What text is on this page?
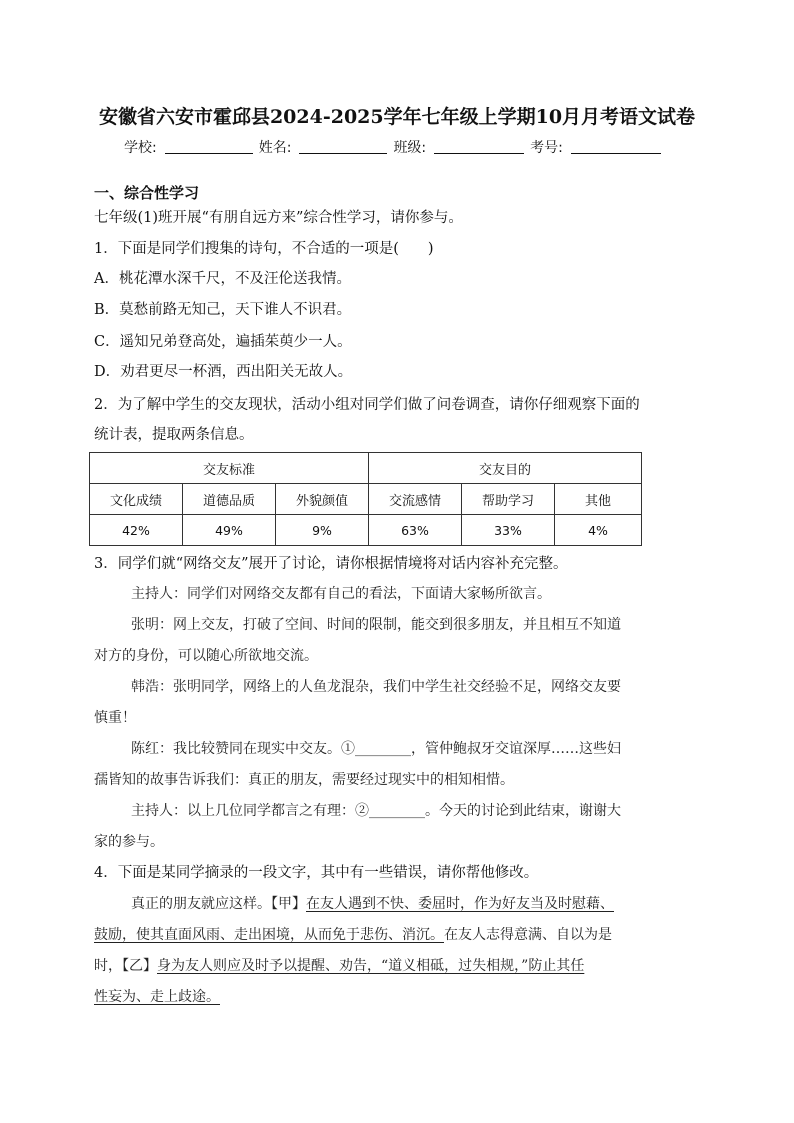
安徽省六安市霍邱县2024-2025学年七年级上学期10月月考语文试卷
学校:	姓名:	班级:	考号:
一、综合性学习
七年级(1)班开展“有朋自远方来”综合性学习，请你参与。
1．下面是同学们搜集的诗句，不合适的一项是(　　)
A．桃花潭水深千尺，不及汪伦送我情。
B．莫愁前路无知己，天下谁人不识君。
C．遥知兄弟登高处，遍插茱萸少一人。
D．劝君更尽一杯酒，西出阳关无故人。
2．为了解中学生的交友现状，活动小组对同学们做了问卷调查，请你仔细观察下面的
统计表，提取两条信息。
交友标准			交友目的		
文化成绩	道德品质	外貌颜值	交流感情	帮助学习	其他
42%	49%	9%	63%	33%	4%
3．同学们就“网络交友”展开了讨论，请你根据情境将对话内容补充完整。
主持人：同学们对网络交友都有自己的看法，下面请大家畅所欲言。
张明：网上交友，打破了空间、时间的限制，能交到很多朋友，并且相互不知道
对方的身份，可以随心所欲地交流。
韩浩：张明同学，网络上的人鱼龙混杂，我们中学生社交经验不足，网络交友要
慎重！
陈红：我比较赞同在现实中交友。①________，管仲鲍叔牙交谊深厚……这些妇
孺皆知的故事告诉我们：真正的朋友，需要经过现实中的相知相惜。
主持人：以上几位同学都言之有理：②________。今天的讨论到此结束，谢谢大
家的参与。
4．下面是某同学摘录的一段文字，其中有一些错误，请你帮他修改。
真正的朋友就应这样。【甲】在友人遇到不快、委屈时，作为好友当及时慰藉、
鼓励，使其直面风雨、走出困境，从而免于悲伤、消沉。在友人志得意满、自以为是
时，【乙】身为友人则应及时予以提醒、劝告，“道义相砥，过失相规，”防止其任
性妄为、走上歧途。
